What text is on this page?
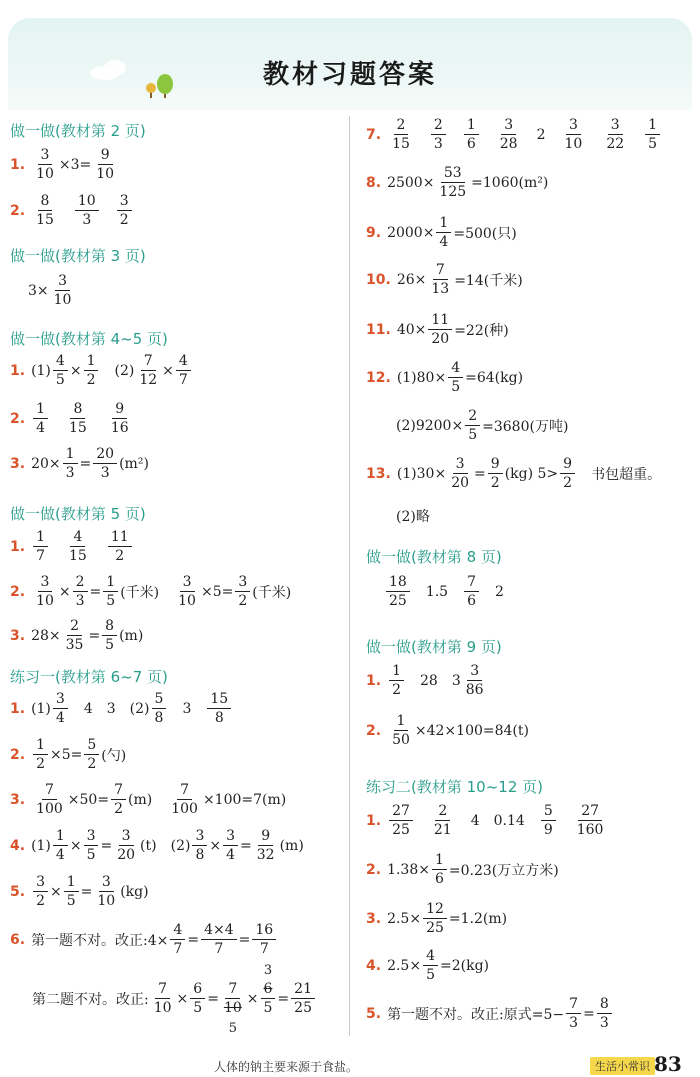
教材习题答案
做一做(教材第 2 页)
1. $\frac{3}{10} \times 3= \frac{9}{10}$
2. $\frac{8}{15} \frac{10}{3} \frac{3}{2}$
做一做(教材第 3 页)
$3\times \frac{3}{10}$
做一做(教材第 4~5 页)
1. $(1) \frac{4}{5} \times \frac{1}{2} (2) \frac{7}{12} \times \frac{4}{7}$
2. $\frac{1}{4} \frac{8}{15} \frac{9}{16}$
3. $20\times \frac{1}{3} = \frac{20}{3} (m^2)$
做一做(教材第 5 页)
1. $\frac{1}{7} \frac{4}{15} \frac{11}{2}$
2. $\frac{3}{10} \times \frac{2}{3} = \frac{1}{5}$ (千米) $\frac{3}{10} \times 5= \frac{3}{2}$ (千米)
3. $28\times \frac{2}{35} = \frac{8}{5} (m)$
练习一(教材第 6~7 页)
1. $(1) \frac{3}{4} 4$ 3 $(2) \frac{5}{8} 3 \frac{15}{8}$
2. $\frac{1}{2} \times 5= \frac{5}{2}$ (勺)
3. $\frac{7}{100} \times 50= \frac{7}{2} (m) \frac{7}{100} \times 100=7(m)$
4. $(1) \frac{1}{4} \times \frac{3}{5} = \frac{3}{20} (t)$ $(2) \frac{3}{8} \times \frac{3}{4} = \frac{9}{32} (m)$
5. $\frac{3}{2} \times \frac{1}{5} = \frac{3}{10} (kg)$
6. 第一题不对。改正:4× $\frac{4}{7} = \frac{4\times 4}{7} = \frac{16}{7}$
第二题不对。改正: $\frac{7}{10} \times \frac{6}{5}$ =
7
10
5
×
3
6
5
= $\frac{21}{25}$
7. $\frac{2}{15} \frac{2}{3} \frac{1}{6} \frac{3}{28} 2 \frac{3}{10} \frac{3}{22} \frac{1}{5}$
8. $2500\times \frac{53}{125} =1060(m^2)$
9. $2000\times \frac{1}{4} =500$(只)
10. $26\times \frac{7}{13} =14$(千米)
11. $40\times \frac{11}{20} =22$(种)
12. $(1)80\times \frac{4}{5} =64(kg)$
$(2)9200\times \frac{2}{5} =3680$(万吨)
13. $(1)30\times \frac{3}{20} = \frac{9}{2} (kg)$ $5> \frac{9}{2}$ 书包超重。
(2)略
做一做(教材第 8 页)
$\frac{18}{25} 1.5 \frac{7}{6} 2$
做一做(教材第 9 页)
1. $\frac{1}{2} 28$ $3 \frac{3}{86}$
2. $\frac{1}{50} \times 42\times 100=84(t)$
练习二(教材第 10~12 页)
1. $\frac{27}{25} \frac{2}{21} 4$ $0.14 \frac{5}{9} \frac{27}{160}$
2. $1.38\times \frac{1}{6} =0.23$(万立方米)
3. $2.5\times \frac{12}{25} =1.2(m)$
4. $2.5\times \frac{4}{5} =2(kg)$
5. 第一题不对。改正:原式$=5- \frac{7}{3} = \frac{8}{3}$
人体的钠主要来源于食盐。	生活小常识 83
